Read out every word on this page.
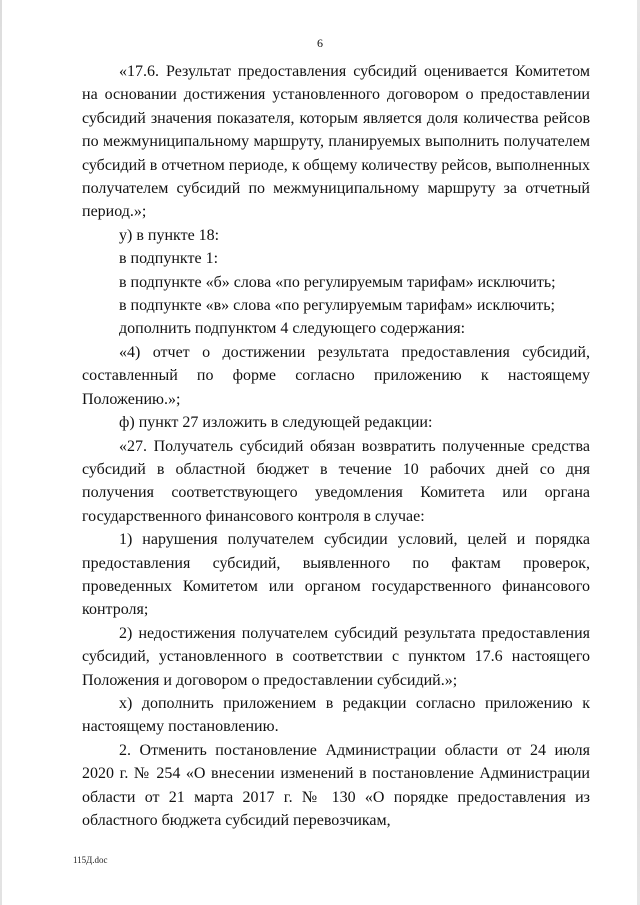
6

«17.6. Результат предоставления субсидий оценивается Комитетом на основании достижения установленного договором о предоставлении субсидий значения показателя, которым является доля количества рейсов по межмуниципальному маршруту, планируемых выполнить получателем субсидий в отчетном периоде, к общему количеству рейсов, выполненных получателем субсидий по межмуниципальному маршруту за отчетный период.»;

у) в пункте 18:

в подпункте 1:

в подпункте «б» слова «по регулируемым тарифам» исключить;

в подпункте «в» слова «по регулируемым тарифам» исключить;

дополнить подпунктом 4 следующего содержания:

«4) отчет о достижении результата предоставления субсидий, составленный по форме согласно приложению к настоящему Положению.»;

ф) пункт 27 изложить в следующей редакции:

«27. Получатель субсидий обязан возвратить полученные средства субсидий в областной бюджет в течение 10 рабочих дней со дня получения соответствующего уведомления Комитета или органа государственного финансового контроля в случае:

1) нарушения получателем субсидии условий, целей и порядка предоставления субсидий, выявленного по фактам проверок, проведенных Комитетом или органом государственного финансового контроля;

2) недостижения получателем субсидий результата предоставления субсидий, установленного в соответствии с пунктом 17.6 настоящего Положения и договором о предоставлении субсидий.»;

х) дополнить приложением в редакции согласно приложению к настоящему постановлению.

2. Отменить постановление Администрации области от 24 июля 2020 г. № 254 «О внесении изменений в постановление Администрации области от 21 марта 2017 г. № 130 «О порядке предоставления из областного бюджета субсидий перевозчикам,

115Д.doc
